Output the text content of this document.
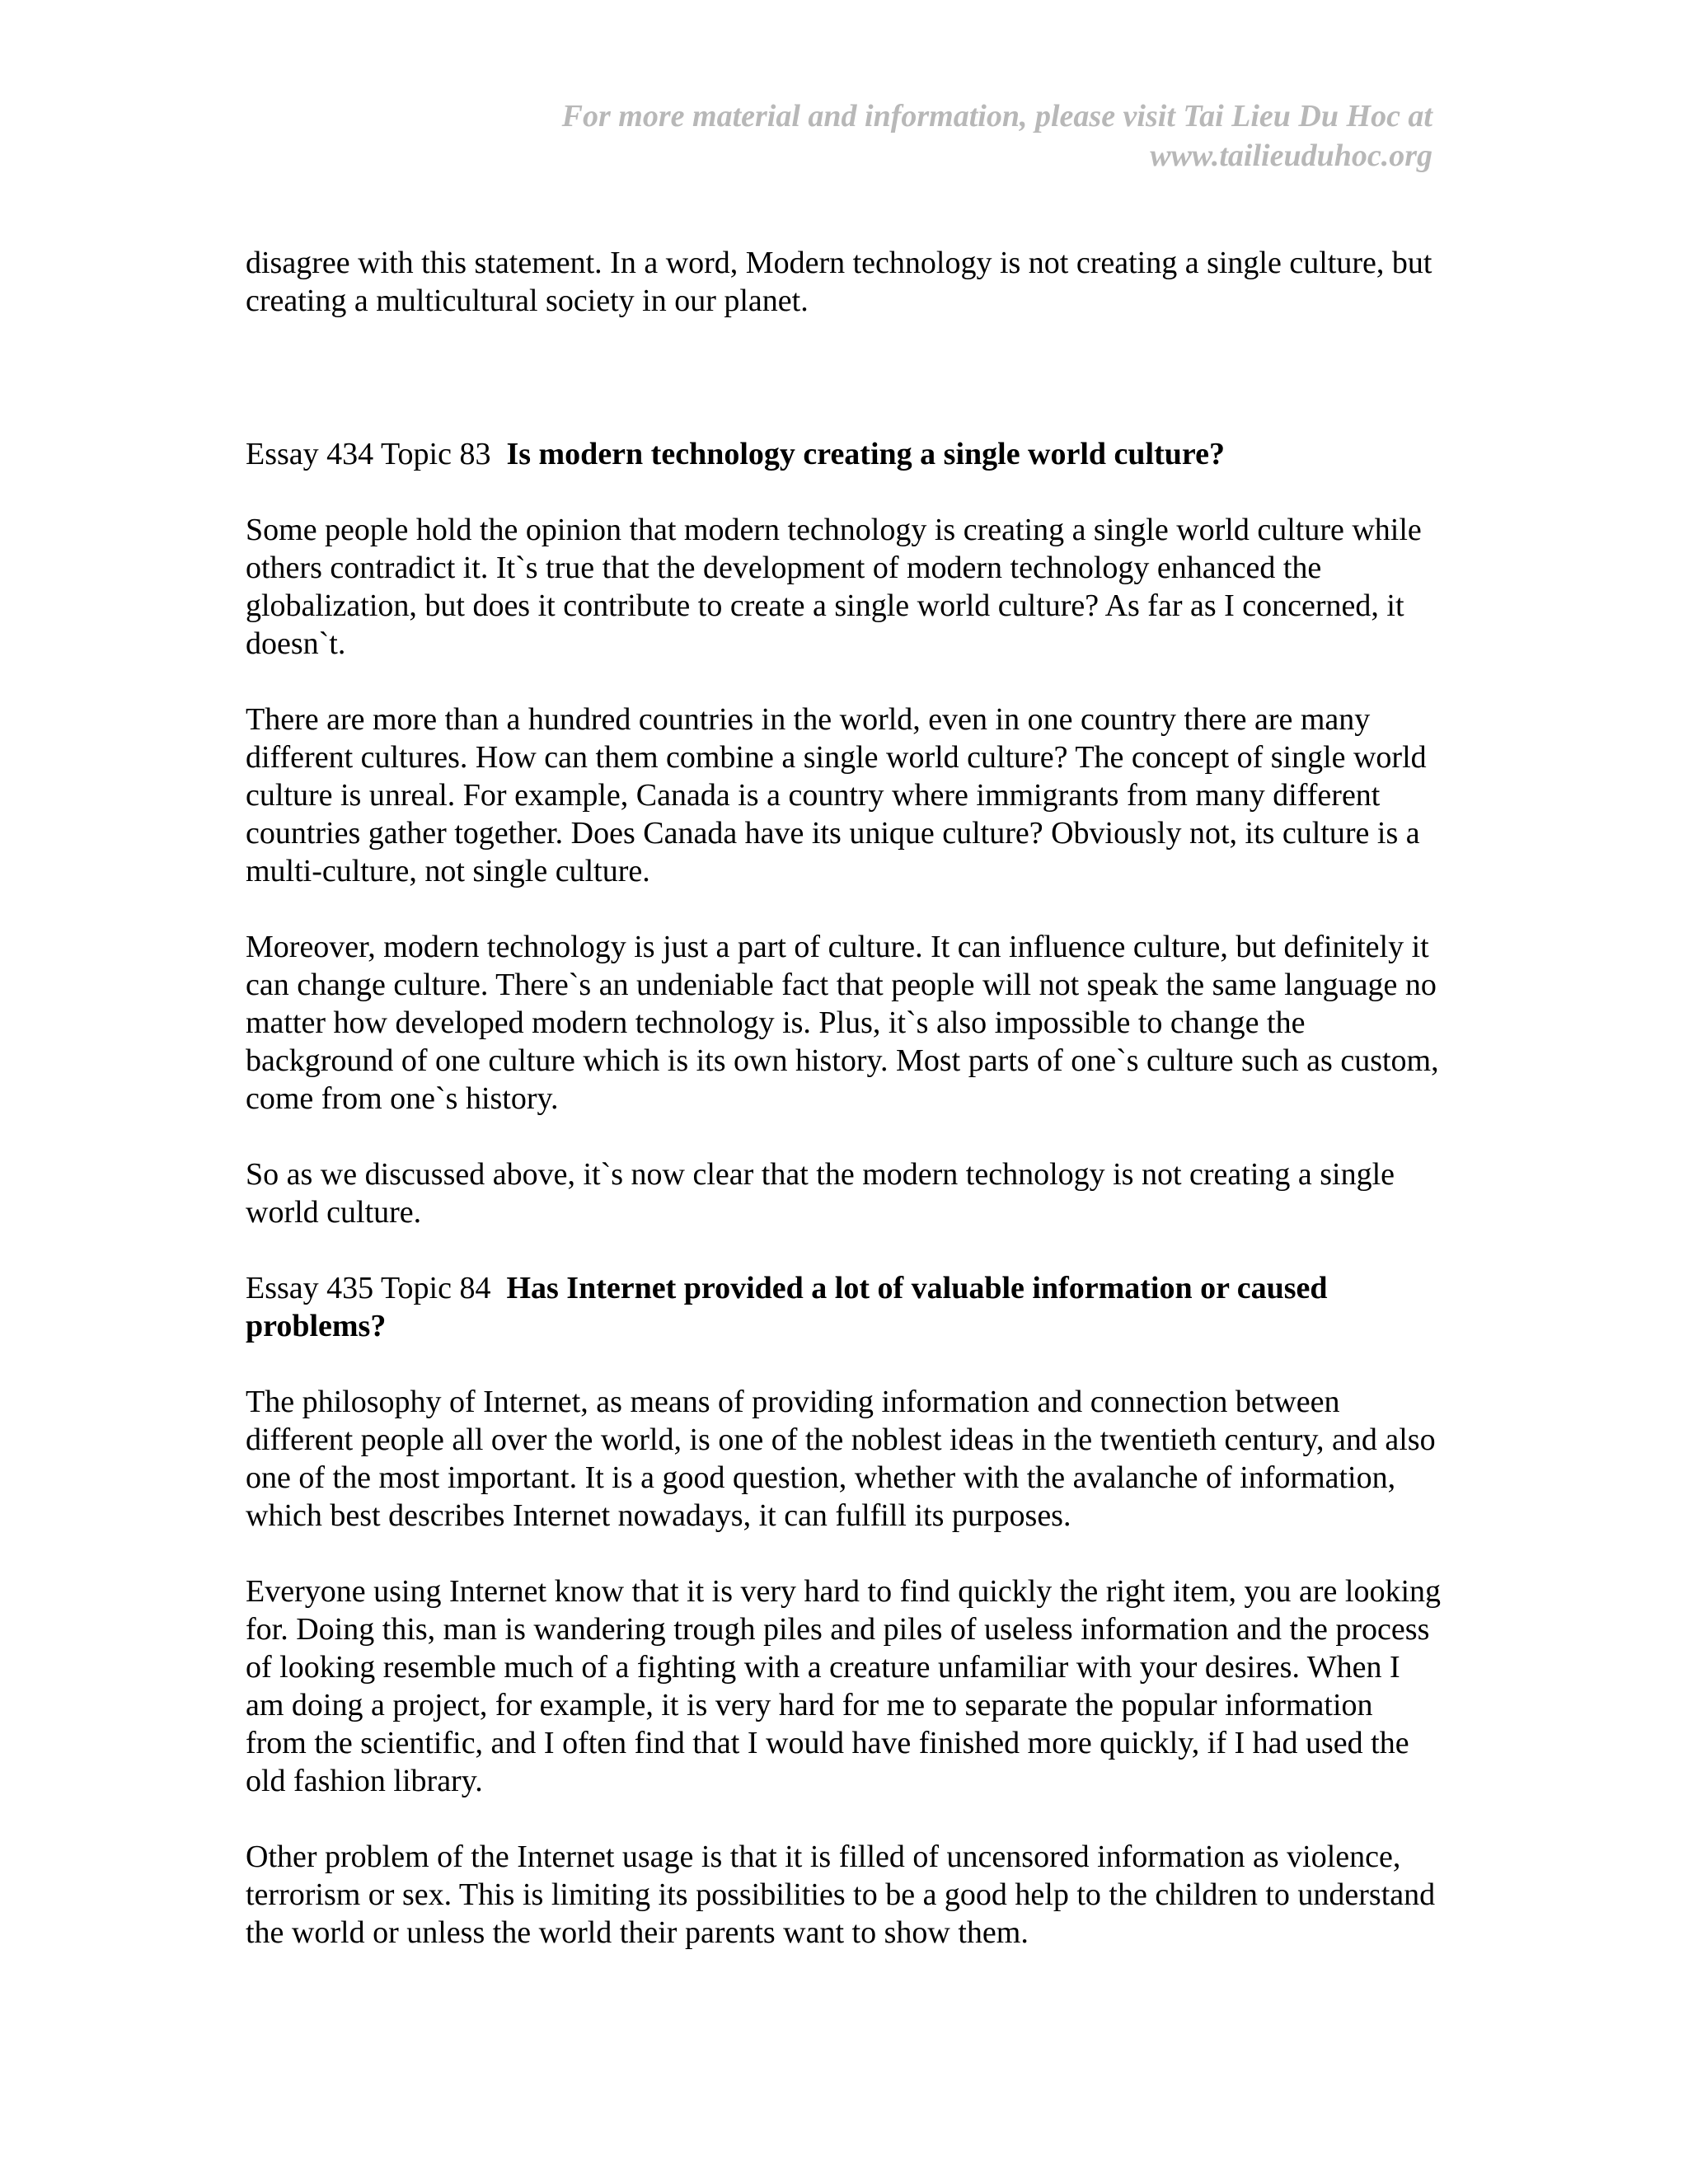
For more material and information, please visit Tai Lieu Du Hoc at
www.tailieuduhoc.org

disagree with this statement. In a word, Modern technology is not creating a single culture, but creating a multicultural society in our planet.

Essay 434 Topic 83  Is modern technology creating a single world culture?

Some people hold the opinion that modern technology is creating a single world culture while others contradict it. It`s true that the development of modern technology enhanced the globalization, but does it contribute to create a single world culture? As far as I concerned, it doesn`t.

There are more than a hundred countries in the world, even in one country there are many different cultures. How can them combine a single world culture? The concept of single world culture is unreal. For example, Canada is a country where immigrants from many different countries gather together. Does Canada have its unique culture? Obviously not, its culture is a multi-culture, not single culture.

Moreover, modern technology is just a part of culture. It can influence culture, but definitely it can change culture. There`s an undeniable fact that people will not speak the same language no matter how developed modern technology is. Plus, it`s also impossible to change the background of one culture which is its own history. Most parts of one`s culture such as custom, come from one`s history.

So as we discussed above, it`s now clear that the modern technology is not creating a single world culture.

Essay 435 Topic 84  Has Internet provided a lot of valuable information or caused problems?

The philosophy of Internet, as means of providing information and connection between different people all over the world, is one of the noblest ideas in the twentieth century, and also one of the most important. It is a good question, whether with the avalanche of information, which best describes Internet nowadays, it can fulfill its purposes.

Everyone using Internet know that it is very hard to find quickly the right item, you are looking for. Doing this, man is wandering trough piles and piles of useless information and the process of looking resemble much of a fighting with a creature unfamiliar with your desires. When I am doing a project, for example, it is very hard for me to separate the popular information from the scientific, and I often find that I would have finished more quickly, if I had used the old fashion library.

Other problem of the Internet usage is that it is filled of uncensored information as violence, terrorism or sex. This is limiting its possibilities to be a good help to the children to understand the world or unless the world their parents want to show them.
